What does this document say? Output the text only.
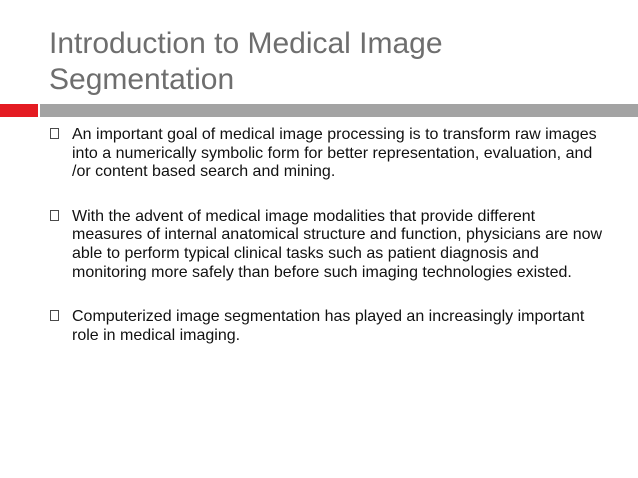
Introduction to Medical Image Segmentation
An important goal of medical image processing is to transform raw images into a numerically symbolic form for better representation, evaluation, and /or content based search and mining.
With the advent of medical image modalities that provide different measures of internal anatomical structure and function, physicians are now able to perform typical clinical tasks such as patient diagnosis and monitoring more safely than before such imaging technologies existed.
Computerized image segmentation has played an increasingly important role in medical imaging.
